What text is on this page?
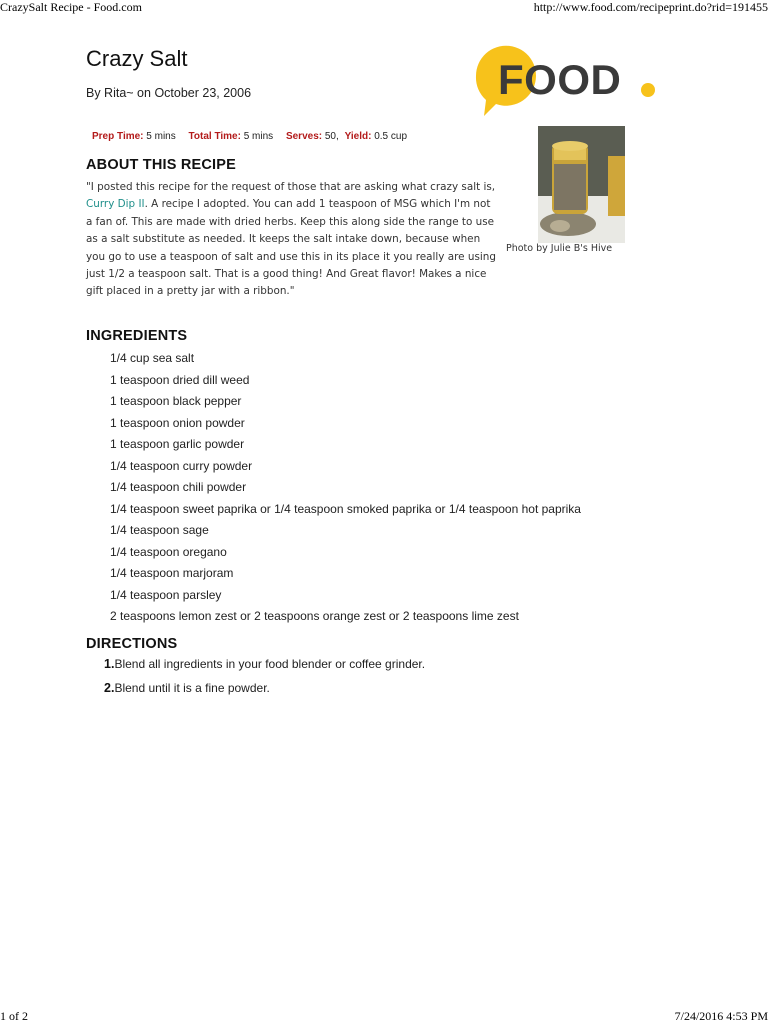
CrazySalt Recipe - Food.com	http://www.food.com/recipeprint.do?rid=191455
Crazy Salt
By Rita~ on October 23, 2006	FOOD
Prep Time: 5 mins Total Time: 5 mins Serves: 50, Yield: 0.5 cup
ABOUT THIS RECIPE
"I posted this recipe for the request of those that are asking what crazy salt is, Curry Dip II. A recipe I adopted. You can add 1 teaspoon of MSG which I'm not a fan of. This are made with dried herbs. Keep this along side the range to use as a salt substitute as needed. It keeps the salt intake down, because when you go to use a teaspoon of salt and use this in its place it you really are using just 1/2 a teaspoon salt. That is a good thing! And Great flavor! Makes a nice gift placed in a pretty jar with a ribbon."
Photo by Julie B's Hive
INGREDIENTS
1/4 cup sea salt
1 teaspoon dried dill weed
1 teaspoon black pepper
1 teaspoon onion powder
1 teaspoon garlic powder
1/4 teaspoon curry powder
1/4 teaspoon chili powder
1/4 teaspoon sweet paprika or 1/4 teaspoon smoked paprika or 1/4 teaspoon hot paprika
1/4 teaspoon sage
1/4 teaspoon oregano
1/4 teaspoon marjoram
1/4 teaspoon parsley
2 teaspoons lemon zest or 2 teaspoons orange zest or 2 teaspoons lime zest
DIRECTIONS
1.Blend all ingredients in your food blender or coffee grinder.
2.Blend until it is a fine powder.
1 of 2	7/24/2016 4:53 PM
